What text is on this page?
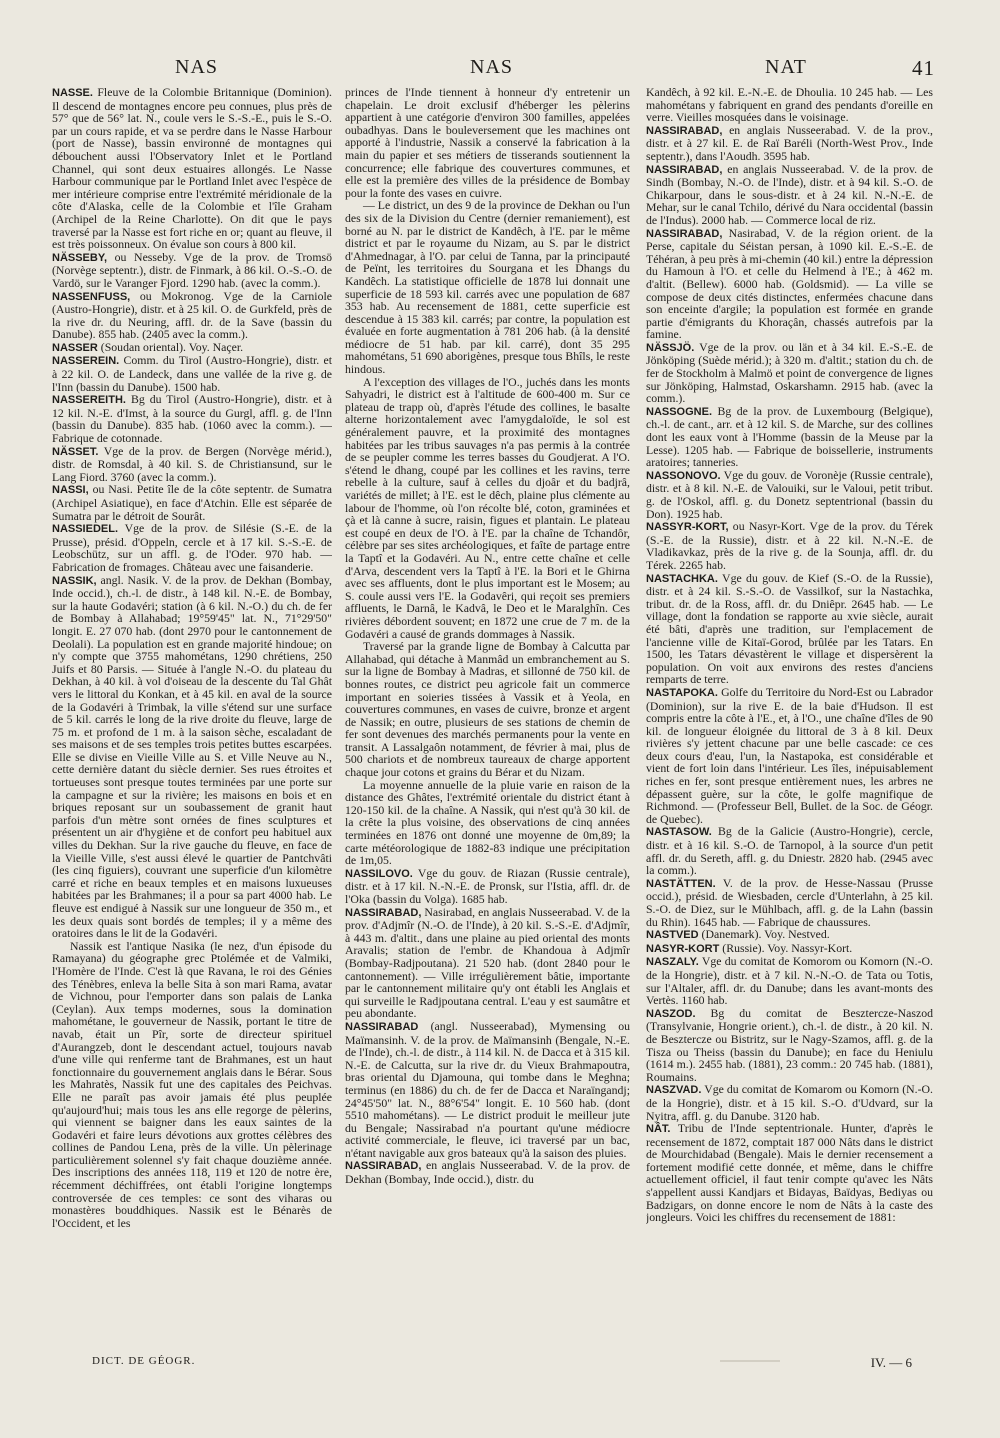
NAS	NAS	NAT	41

NASSE. Fleuve de la Colombie Britannique (Dominion). Il descend de montagnes encore peu connues, plus près de 57° que de 56° lat. N., coule vers le S.-S.-E., puis le S.-O. par un cours rapide, et va se perdre dans le Nasse Harbour (port de Nasse), bassin environné de montagnes qui débouchent aussi l'Observatory Inlet et le Portland Channel, qui sont deux estuaires allongés. Le Nasse Harbour communique par le Portland Inlet avec l'espèce de mer intérieure comprise entre l'extrémité méridionale de la côte d'Alaska, celle de la Colombie et l'île Graham (Archipel de la Reine Charlotte). On dit que le pays traversé par la Nasse est fort riche en or; quant au fleuve, il est très poissonneux. On évalue son cours à 800 kil.

NÄSSEBY, ou Nesseby. Vge de la prov. de Tromsö (Norvège septentr.), distr. de Finmark, à 86 kil. O.-S.-O. de Vardö, sur le Varanger Fjord. 1290 hab. (avec la comm.).

NASSENFUSS, ou Mokronog. Vge de la Carniole (Austro-Hongrie), distr. et à 25 kil. O. de Gurkfeld, près de la rive dr. du Neuring, affl. dr. de la Save (bassin du Danube). 855 hab. (2405 avec la comm.).

NASSER (Soudan oriental). Voy. Naçer.

NASSEREIN. Comm. du Tirol (Austro-Hongrie), distr. et à 22 kil. O. de Landeck, dans une vallée de la rive g. de l'Inn (bassin du Danube). 1500 hab.

NASSEREITH. Bg du Tirol (Austro-Hongrie), distr. et à 12 kil. N.-E. d'Imst, à la source du Gurgl, affl. g. de l'Inn (bassin du Danube). 835 hab. (1060 avec la comm.). — Fabrique de cotonnade.

NÄSSET. Vge de la prov. de Bergen (Norvège mérid.), distr. de Romsdal, à 40 kil. S. de Christiansund, sur le Lang Fiord. 3760 (avec la comm.).

NASSI, ou Nasi. Petite île de la côte septentr. de Sumatra (Archipel Asiatique), en face d'Atchin. Elle est séparée de Sumatra par le détroit de Sourât.

NASSIEDEL. Vge de la prov. de Silésie (S.-E. de la Prusse), présid. d'Oppeln, cercle et à 17 kil. S.-S.-E. de Leobschütz, sur un affl. g. de l'Oder. 970 hab. — Fabrication de fromages. Château avec une faisanderie.

NASSIK, angl. Nasik. V. de la prov. de Dekhan (Bombay, Inde occid.), ch.-l. de distr., à 148 kil. N.-E. de Bombay, sur la haute Godavéri; station (à 6 kil. N.-O.) du ch. de fer de Bombay à Allahabad; 19°59'45" lat. N., 71°29'50" longit. E. 27 070 hab. (dont 2970 pour le cantonnement de Deolali). La population est en grande majorité hindoue; on n'y compte que 3755 mahométans, 1290 chrétiens, 250 Juifs et 80 Parsis. — Située à l'angle N.-O. du plateau du Dekhan, à 40 kil. à vol d'oiseau de la descente du Tal Ghât vers le littoral du Konkan, et à 45 kil. en aval de la source de la Godavéri à Trimbak, la ville s'étend sur une surface de 5 kil. carrés le long de la rive droite du fleuve, large de 75 m. et profond de 1 m. à la saison sèche, escaladant de ses maisons et de ses temples trois petites buttes escarpées. Elle se divise en Vieille Ville au S. et Ville Neuve au N., cette dernière datant du siècle dernier. Ses rues étroites et tortueuses sont presque toutes terminées par une porte sur la campagne et sur la rivière; les maisons en bois et en briques reposant sur un soubassement de granit haut parfois d'un mètre sont ornées de fines sculptures et présentent un air d'hygiène et de confort peu habituel aux villes du Dekhan. Sur la rive gauche du fleuve, en face de la Vieille Ville, s'est aussi élevé le quartier de Pantchvâti (les cinq figuiers), couvrant une superficie d'un kilomètre carré et riche en beaux temples et en maisons luxueuses habitées par les Brahmanes; il a pour sa part 4000 hab. Le fleuve est endigué à Nassik sur une longueur de 350 m., et les deux quais sont bordés de temples; il y a même des oratoires dans le lit de la Godavéri.

Nassik est l'antique Nasika (le nez, d'un épisode du Ramayana) du géographe grec Ptolémée et de Valmiki, l'Homère de l'Inde. C'est là que Ravana, le roi des Génies des Ténèbres, enleva la belle Sita à son mari Rama, avatar de Vichnou, pour l'emporter dans son palais de Lanka (Ceylan). Aux temps modernes, sous la domination mahométane, le gouverneur de Nassik, portant le titre de navab, était un Pîr, sorte de directeur spirituel d'Aurangzeb, dont le descendant actuel, toujours navab d'une ville qui renferme tant de Brahmanes, est un haut fonctionnaire du gouvernement anglais dans le Bérar. Sous les Mahratès, Nassik fut une des capitales des Peichvas. Elle ne paraît pas avoir jamais été plus peuplée qu'aujourd'hui; mais tous les ans elle regorge de pèlerins, qui viennent se baigner dans les eaux saintes de la Godavéri et faire leurs dévotions aux grottes célèbres des collines de Pandou Lena, près de la ville. Un pèlerinage particulièrement solennel s'y fait chaque douzième année. Des inscriptions des années 118, 119 et 120 de notre ère, récemment déchiffrées, ont établi l'origine longtemps controversée de ces temples: ce sont des viharas ou monastères bouddhiques. Nassik est le Bénarès de l'Occident, et les

princes de l'Inde tiennent à honneur d'y entretenir un chapelain. Le droit exclusif d'héberger les pèlerins appartient à une catégorie d'environ 300 familles, appelées oubadhyas. Dans le bouleversement que les machines ont apporté à l'industrie, Nassik a conservé la fabrication à la main du papier et ses métiers de tisserands soutiennent la concurrence; elle fabrique des couvertures communes, et elle est la première des villes de la présidence de Bombay pour la fonte des vases en cuivre.

— Le district, un des 9 de la province de Dekhan ou l'un des six de la Division du Centre (dernier remaniement), est borné au N. par le district de Kandêch, à l'E. par le même district et par le royaume du Nizam, au S. par le district d'Ahmednagar, à l'O. par celui de Tanna, par la principauté de Peïnt, les territoires du Sourgana et les Dhangs du Kandêch. La statistique officielle de 1878 lui donnait une superficie de 18 593 kil. carrés avec une population de 687 353 hab. Au recensement de 1881, cette superficie est descendue à 15 383 kil. carrés; par contre, la population est évaluée en forte augmentation à 781 206 hab. (à la densité médiocre de 51 hab. par kil. carré), dont 35 295 mahométans, 51 690 aborigènes, presque tous Bhîls, le reste hindous.

A l'exception des villages de l'O., juchés dans les monts Sahyadri, le district est à l'altitude de 600-400 m. Sur ce plateau de trapp où, d'après l'étude des collines, le basalte alterne horizontalement avec l'amygdaloïde, le sol est généralement pauvre, et la proximité des montagnes habitées par les tribus sauvages n'a pas permis à la contrée de se peupler comme les terres basses du Goudjerat. A l'O. s'étend le dhang, coupé par les collines et les ravins, terre rebelle à la culture, sauf à celles du djoâr et du badjrâ, variétés de millet; à l'E. est le dêch, plaine plus clémente au labour de l'homme, où l'on récolte blé, coton, graminées et çà et là canne à sucre, raisin, figues et plantain. Le plateau est coupé en deux de l'O. à l'E. par la chaîne de Tchandôr, célèbre par ses sites archéologiques, et faîte de partage entre la Taptî et la Godavéri. Au N., entre cette chaîne et celle d'Arva, descendent vers la Taptî à l'E. la Bori et le Ghirna avec ses affluents, dont le plus important est le Mosem; au S. coule aussi vers l'E. la Godavêri, qui reçoit ses premiers affluents, le Darnâ, le Kadvâ, le Deo et le Maralghîn. Ces rivières débordent souvent; en 1872 une crue de 7 m. de la Godavéri a causé de grands dommages à Nassik.

Traversé par la grande ligne de Bombay à Calcutta par Allahabad, qui détache à Manmâd un embranchement au S. sur la ligne de Bombay à Madras, et sillonné de 750 kil. de bonnes routes, ce district peu agricole fait un commerce important en soieries tissées à Vassik et à Yeola, en couvertures communes, en vases de cuivre, bronze et argent de Nassik; en outre, plusieurs de ses stations de chemin de fer sont devenues des marchés permanents pour la vente en transit. A Lassalgaôn notamment, de février à mai, plus de 500 chariots et de nombreux taureaux de charge apportent chaque jour cotons et grains du Bérar et du Nizam.

La moyenne annuelle de la pluie varie en raison de la distance des Ghâtes, l'extrémité orientale du district étant à 120-150 kil. de la chaîne. A Nassik, qui n'est qu'à 30 kil. de la crête la plus voisine, des observations de cinq années terminées en 1876 ont donné une moyenne de 0m,89; la carte météorologique de 1882-83 indique une précipitation de 1m,05.

NASSILOVO. Vge du gouv. de Riazan (Russie centrale), distr. et à 17 kil. N.-N.-E. de Pronsk, sur l'Istia, affl. dr. de l'Oka (bassin du Volga). 1685 hab.

NASSIRABAD, Nasirabad, en anglais Nusseerabad. V. de la prov. d'Adjmîr (N.-O. de l'Inde), à 20 kil. S.-S.-E. d'Adjmîr, à 443 m. d'altit., dans une plaine au pied oriental des monts Aravalis; station de l'embr. de Khandoua à Adjmîr (Bombay-Radjpoutana). 21 520 hab. (dont 2840 pour le cantonnement). — Ville irrégulièrement bâtie, importante par le cantonnement militaire qu'y ont établi les Anglais et qui surveille le Radjpoutana central. L'eau y est saumâtre et peu abondante.

NASSIRABAD (angl. Nusseerabad), Mymensing ou Maïmansinh. V. de la prov. de Maïmansinh (Bengale, N.-E. de l'Inde), ch.-l. de distr., à 114 kil. N. de Dacca et à 315 kil. N.-E. de Calcutta, sur la rive dr. du Vieux Brahmapoutra, bras oriental du Djamouna, qui tombe dans le Meghna; terminus (en 1886) du ch. de fer de Dacca et Naraïngandj; 24°45'50" lat. N., 88°6'54" longit. E. 10 560 hab. (dont 5510 mahométans). — Le district produit le meilleur jute du Bengale; Nassirabad n'a pourtant qu'une médiocre activité commerciale, le fleuve, ici traversé par un bac, n'étant navigable aux gros bateaux qu'à la saison des pluies.

NASSIRABAD, en anglais Nusseerabad. V. de la prov. de Dekhan (Bombay, Inde occid.), distr. du

Kandêch, à 92 kil. E.-N.-E. de Dhoulia. 10 245 hab. — Les mahométans y fabriquent en grand des pendants d'oreille en verre. Vieilles mosquées dans le voisinage.

NASSIRABAD, en anglais Nusseerabad. V. de la prov., distr. et à 27 kil. E. de Raï Baréli (North-West Prov., Inde septentr.), dans l'Aoudh. 3595 hab.

NASSIRABAD, en anglais Nusseerabad. V. de la prov. de Sindh (Bombay, N.-O. de l'Inde), distr. et à 94 kil. S.-O. de Chikarpour, dans le sous-distr. et à 24 kil. N.-N.-E. de Mehar, sur le canal Tchilo, dérivé du Nara occidental (bassin de l'Indus). 2000 hab. — Commerce local de riz.

NASSIRABAD, Nasirabad, V. de la région orient. de la Perse, capitale du Séistan persan, à 1090 kil. E.-S.-E. de Téhéran, à peu près à mi-chemin (40 kil.) entre la dépression du Hamoun à l'O. et celle du Helmend à l'E.; à 462 m. d'altit. (Bellew). 6000 hab. (Goldsmid). — La ville se compose de deux cités distinctes, enfermées chacune dans son enceinte d'argile; la population est formée en grande partie d'émigrants du Khoraçân, chassés autrefois par la famine.

NÄSSJÖ. Vge de la prov. ou län et à 34 kil. E.-S.-E. de Jönköping (Suède mérid.); à 320 m. d'altit.; station du ch. de fer de Stockholm à Malmö et point de convergence de lignes sur Jönköping, Halmstad, Oskarshamn. 2915 hab. (avec la comm.).

NASSOGNE. Bg de la prov. de Luxembourg (Belgique), ch.-l. de cant., arr. et à 12 kil. S. de Marche, sur des collines dont les eaux vont à l'Homme (bassin de la Meuse par la Lesse). 1205 hab. — Fabrique de boissellerie, instruments aratoires; tanneries.

NASSONOVO. Vge du gouv. de Voronèje (Russie centrale), distr. et à 8 kil. N.-E. de Valouiki, sur le Valoui, petit tribut. g. de l'Oskol, affl. g. du Donetz septentrional (bassin du Don). 1925 hab.

NASSYR-KORT, ou Nasyr-Kort. Vge de la prov. du Térek (S.-E. de la Russie), distr. et à 22 kil. N.-N.-E. de Vladikavkaz, près de la rive g. de la Sounja, affl. dr. du Térek. 2265 hab.

NASTACHKA. Vge du gouv. de Kief (S.-O. de la Russie), distr. et à 24 kil. S.-S.-O. de Vassilkof, sur la Nastachka, tribut. dr. de la Ross, affl. dr. du Dniêpr. 2645 hab. — Le village, dont la fondation se rapporte au xvie siècle, aurait été bâti, d'après une tradition, sur l'emplacement de l'ancienne ville de Kitaï-Gorod, brûlée par les Tatars. En 1500, les Tatars dévastèrent le village et dispersèrent la population. On voit aux environs des restes d'anciens remparts de terre.

NASTAPOKA. Golfe du Territoire du Nord-Est ou Labrador (Dominion), sur la rive E. de la baie d'Hudson. Il est compris entre la côte à l'E., et, à l'O., une chaîne d'îles de 90 kil. de longueur éloignée du littoral de 3 à 8 kil. Deux rivières s'y jettent chacune par une belle cascade: ce ces deux cours d'eau, l'un, la Nastapoka, est considérable et vient de fort loin dans l'intérieur. Les îles, inépuisablement riches en fer, sont presque entièrement nues, les arbres ne dépassent guère, sur la côte, le golfe magnifique de Richmond. — (Professeur Bell, Bullet. de la Soc. de Géogr. de Quebec).

NASTASOW. Bg de la Galicie (Austro-Hongrie), cercle, distr. et à 16 kil. S.-O. de Tarnopol, à la source d'un petit affl. dr. du Sereth, affl. g. du Dniestr. 2820 hab. (2945 avec la comm.).

NASTÄTTEN. V. de la prov. de Hesse-Nassau (Prusse occid.), présid. de Wiesbaden, cercle d'Unterlahn, à 25 kil. S.-O. de Diez, sur le Mühlbach, affl. g. de la Lahn (bassin du Rhin). 1645 hab. — Fabrique de chaussures.

NASTVED (Danemark). Voy. Nestved.

NASYR-KORT (Russie). Voy. Nassyr-Kort.

NASZALY. Vge du comitat de Komorom ou Komorn (N.-O. de la Hongrie), distr. et à 7 kil. N.-N.-O. de Tata ou Totis, sur l'Altaler, affl. dr. du Danube; dans les avant-monts des Vertès. 1160 hab.

NASZOD. Bg du comitat de Besztercze-Naszod (Transylvanie, Hongrie orient.), ch.-l. de distr., à 20 kil. N. de Besztercze ou Bistritz, sur le Nagy-Szamos, affl. g. de la Tisza ou Theiss (bassin du Danube); en face du Heniulu (1614 m.). 2455 hab. (1881), 23 comm.: 20 745 hab. (1881), Roumains.

NASZVAD. Vge du comitat de Komarom ou Komorn (N.-O. de la Hongrie), distr. et à 15 kil. S.-O. d'Udvard, sur la Nyitra, affl. g. du Danube. 3120 hab.

NÂT. Tribu de l'Inde septentrionale. Hunter, d'après le recensement de 1872, comptait 187 000 Nâts dans le district de Mourchidabad (Bengale). Mais le dernier recensement a fortement modifié cette donnée, et même, dans le chiffre actuellement officiel, il faut tenir compte qu'avec les Nâts s'appellent aussi Kandjars et Bidayas, Baïdyas, Bediyas ou Badzigars, on donne encore le nom de Nâts à la caste des jongleurs. Voici les chiffres du recensement de 1881:

DICT. DE GÉOGR.	IV. — 6
